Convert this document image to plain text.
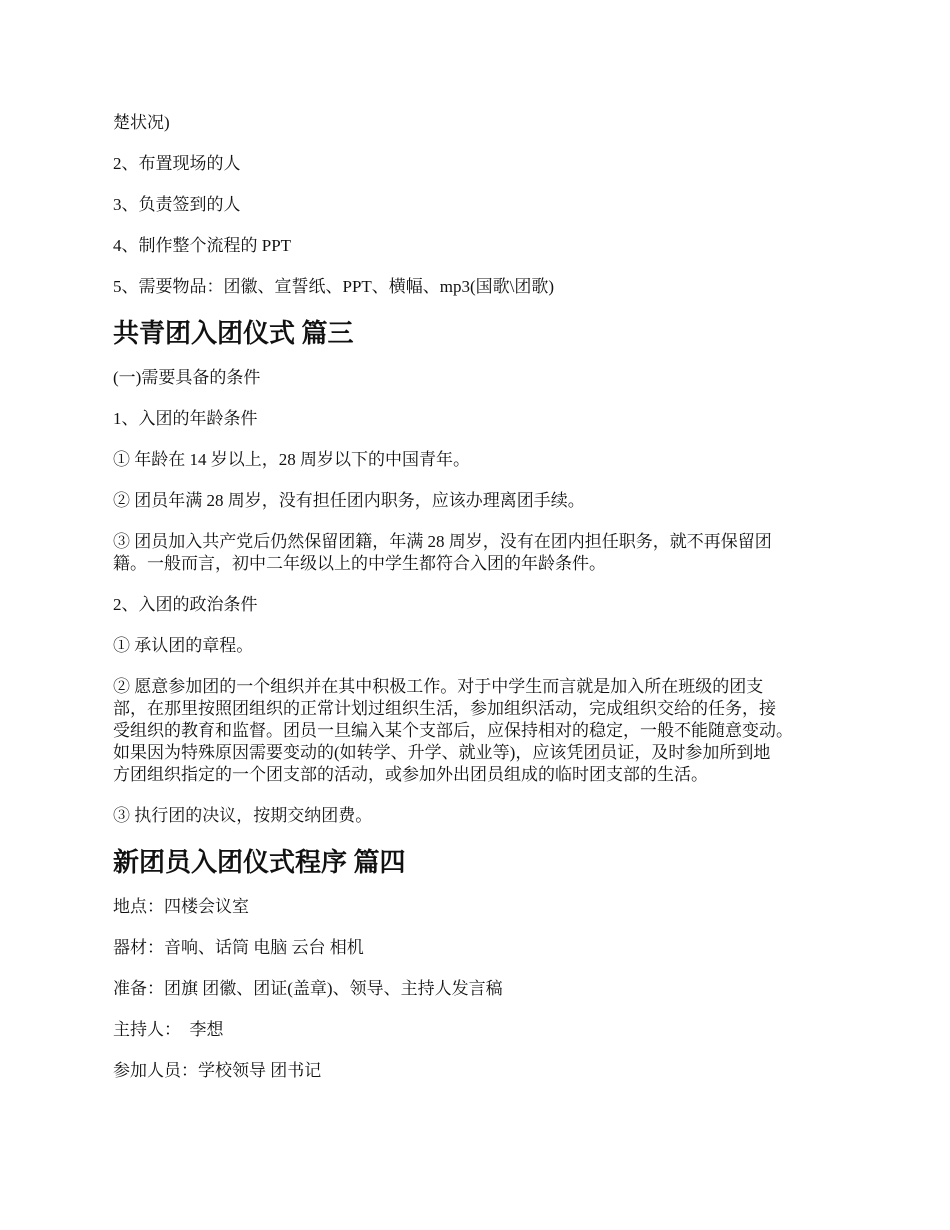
楚状况)

2、布置现场的人

3、负责签到的人

4、制作整个流程的 PPT

5、需要物品：团徽、宣誓纸、PPT、横幅、mp3(国歌\团歌)

共青团入团仪式 篇三

(一)需要具备的条件

1、入团的年龄条件

① 年龄在 14 岁以上，28 周岁以下的中国青年。

② 团员年满 28 周岁，没有担任团内职务，应该办理离团手续。

③ 团员加入共产党后仍然保留团籍，年满 28 周岁，没有在团内担任职务，就不再保留团
籍。一般而言，初中二年级以上的中学生都符合入团的年龄条件。

2、入团的政治条件

① 承认团的章程。

② 愿意参加团的一个组织并在其中积极工作。对于中学生而言就是加入所在班级的团支
部，在那里按照团组织的正常计划过组织生活，参加组织活动，完成组织交给的任务，接
受组织的教育和监督。团员一旦编入某个支部后，应保持相对的稳定，一般不能随意变动。
如果因为特殊原因需要变动的(如转学、升学、就业等)，应该凭团员证，及时参加所到地
方团组织指定的一个团支部的活动，或参加外出团员组成的临时团支部的生活。

③ 执行团的决议，按期交纳团费。

新团员入团仪式程序 篇四

地点：四楼会议室

器材：音响、话筒 电脑 云台 相机

准备：团旗 团徽、团证(盖章)、领导、主持人发言稿

主持人：  李想

参加人员：学校领导 团书记
